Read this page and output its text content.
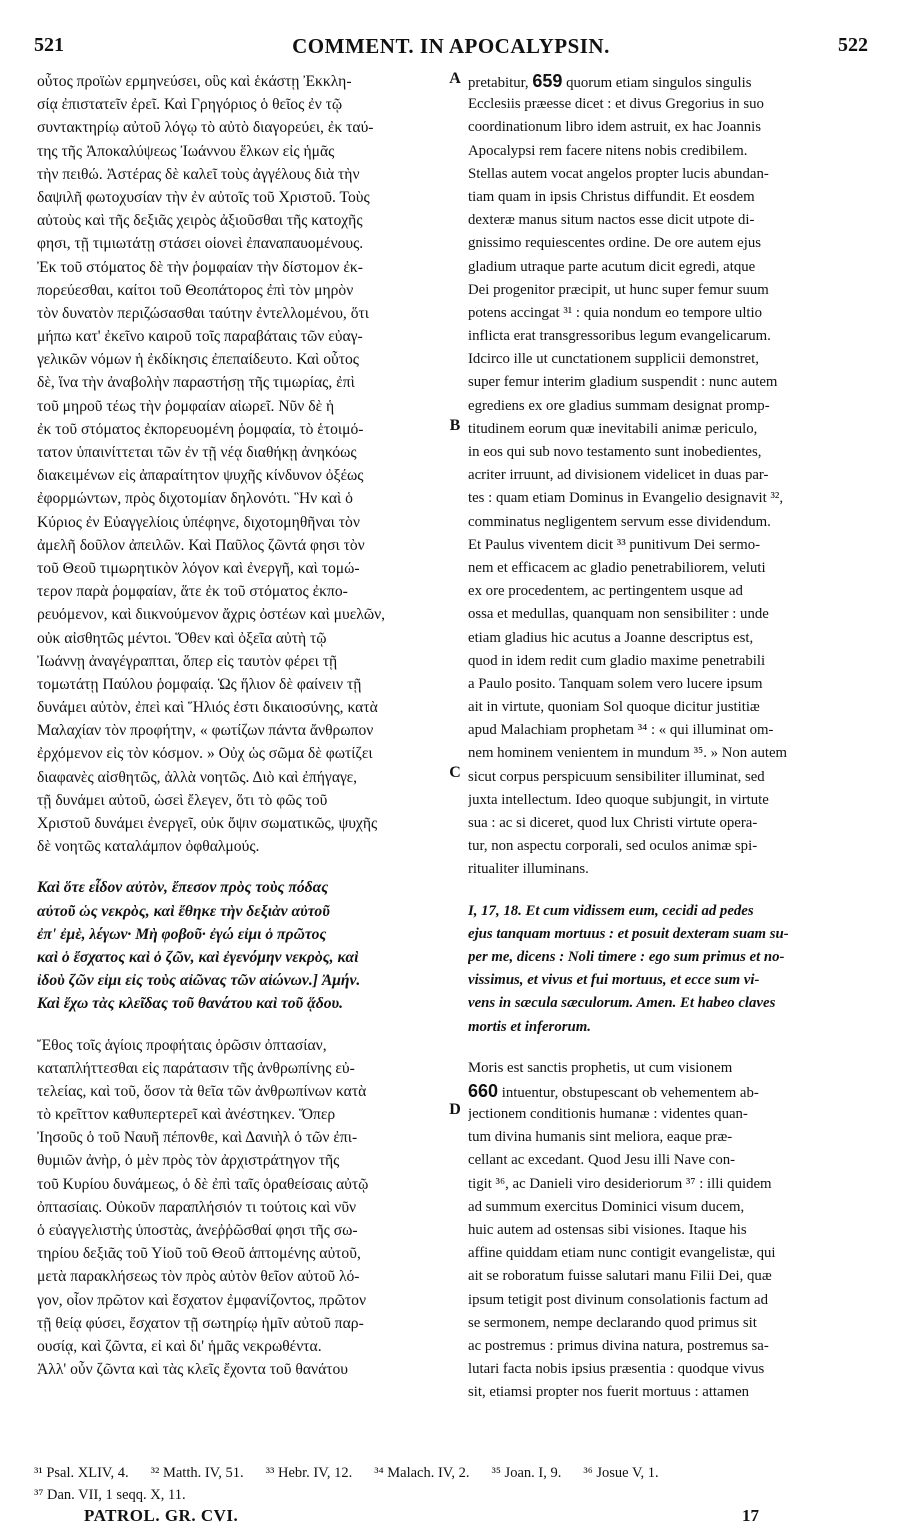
521	COMMENT. IN APOCALYPSIN.	522
οὗτος προϊὼν ερμηνεύσει, οὓς καὶ ἑκάστῃ Ἐκκλη-
σίᾳ ἐπιστατεῖν ἐρεῖ. Καὶ Γρηγόριος ὁ θεῖος ἐν τῷ
συντακτηρίῳ αὐτοῦ λόγῳ τὸ αὐτὸ διαγορεύει, ἐκ ταύ-
της τῆς Ἀποκαλύψεως Ἰωάννου ἕλκων εἰς ἡμᾶς
τὴν πειθώ. Ἀστέρας δὲ καλεῖ τοὺς ἀγγέλους διὰ τὴν
δαψιλῆ φωτοχυσίαν τὴν ἐν αὐτοῖς τοῦ Χριστοῦ. Τοὺς
αὐτοὺς καὶ τῆς δεξιᾶς χειρὸς ἀξιοῦσθαι τῆς κατοχῆς
φησι, τῇ τιμιωτάτῃ στάσει οἱονεὶ ἐπαναπαυομένους.
Ἐκ τοῦ στόματος δὲ τὴν ῥομφαίαν τὴν δίστομον ἐκ-
πορεύεσθαι, καίτοι τοῦ Θεοπάτορος ἐπὶ τὸν μηρὸν
τὸν δυνατὸν περιζώσασθαι ταύτην ἐντελλομένου, ὅτι
μήπω κατ' ἐκεῖνο καιροῦ τοῖς παραβάταις τῶν εὐαγ-
γελικῶν νόμων ἡ ἐκδίκησις ἐπεπαίδευτο. Καὶ οὗτος
δὲ, ἵνα τὴν ἀναβολὴν παραστήσῃ τῆς τιμωρίας, ἐπὶ
τοῦ μηροῦ τέως τὴν ῥομφαίαν αἰωρεῖ. Νῦν δὲ ἡ
ἐκ τοῦ στόματος ἐκπορευομένη ῥομφαία, τὸ ἑτοιμό-
τατον ὑπαινίττεται τῶν ἐν τῇ νέᾳ διαθήκῃ ἀνηκόως
διακειμένων εἰς ἀπαραίτητον ψυχῆς κίνδυνον ὀξέως
ἐφορμώντων, πρὸς διχοτομίαν δηλονότι. Ἣν καὶ ὁ
Κύριος ἐν Εὐαγγελίοις ὑπέφηνε, διχοτομηθῆναι τὸν
ἀμελῆ δοῦλον ἀπειλῶν. Καὶ Παῦλος ζῶντά φησι τὸν
τοῦ Θεοῦ τιμωρητικὸν λόγον καὶ ἐνεργῆ, καὶ τομώ-
τερον παρὰ ῥομφαίαν, ἅτε ἐκ τοῦ στόματος ἐκπο-
ρευόμενον, καὶ διικνούμενον ἄχρις ὀστέων καὶ μυελῶν,
οὐκ αἰσθητῶς μέντοι. Ὅθεν καὶ ὀξεῖα αὐτὴ τῷ
Ἰωάννῃ ἀναγέγραπται, ὅπερ εἰς ταυτὸν φέρει τῇ
τομωτάτῃ Παύλου ῥομφαίᾳ. Ὡς ἥλιον δὲ φαίνειν τῇ
δυνάμει αὐτὸν, ἐπεὶ καὶ Ἥλιός ἐστι δικαιοσύνης, κατὰ
Μαλαχίαν τὸν προφήτην, « φωτίζων πάντα ἄνθρωπον
ἐρχόμενον εἰς τὸν κόσμον. » Οὐχ ὡς σῶμα δὲ φωτίζει
διαφανὲς αἰσθητῶς, ἀλλὰ νοητῶς. Διὸ καὶ ἐπήγαγε,
τῇ δυνάμει αὐτοῦ, ὡσεὶ ἔλεγεν, ὅτι τὸ φῶς τοῦ
Χριστοῦ δυνάμει ἐνεργεῖ, οὐκ ὄψιν σωματικῶς, ψυχῆς
δὲ νοητῶς καταλάμπον ὀφθαλμούς.
Καὶ ὅτε εἶδον αὐτὸν, ἔπεσον πρὸς τοὺς πόδας
αὐτοῦ ὡς νεκρὸς, καὶ ἔθηκε τὴν δεξιὰν αὐτοῦ
ἐπ' ἐμὲ, λέγων· Μὴ φοβοῦ· ἐγώ εἰμι ὁ πρῶτος
καὶ ὁ ἔσχατος καὶ ὁ ζῶν, καὶ ἐγενόμην νεκρὸς, καὶ
ἰδοὺ ζῶν εἰμι εἰς τοὺς αἰῶνας τῶν αἰώνων.] Ἀμήν.
Καὶ ἔχω τὰς κλεῖδας τοῦ θανάτου καὶ τοῦ ᾅδου.
Ἔθος τοῖς ἁγίοις προφήταις ὁρῶσιν ὀπτασίαν,
καταπλήττεσθαι εἰς παράτασιν τῆς ἀνθρωπίνης εὐ-
τελείας, καὶ τοῦ, ὅσον τὰ θεῖα τῶν ἀνθρωπίνων κατὰ
τὸ κρεῖττον καθυπερτερεῖ καὶ ἀνέστηκεν. Ὅπερ
Ἰησοῦς ὁ τοῦ Ναυῆ πέπονθε, καὶ Δανιὴλ ὁ τῶν ἐπι-
θυμιῶν ἀνὴρ, ὁ μὲν πρὸς τὸν ἀρχιστράτηγον τῆς
τοῦ Κυρίου δυνάμεως, ὁ δὲ ἐπὶ ταῖς ὁραθείσαις αὐτῷ
ὀπτασίαις. Οὐκοῦν παραπλήσιόν τι τούτοις καὶ νῦν
ὁ εὐαγγελιστὴς ὑποστὰς, ἀνεῤῥῶσθαί φησι τῆς σω-
τηρίου δεξιᾶς τοῦ Υἱοῦ τοῦ Θεοῦ ἁπτομένης αὐτοῦ,
μετὰ παρακλήσεως τὸν πρὸς αὐτὸν θεῖον αὐτοῦ λό-
γον, οἷον πρῶτον καὶ ἔσχατον ἐμφανίζοντος, πρῶτον
τῇ θείᾳ φύσει, ἔσχατον τῇ σωτηρίῳ ἡμῖν αὐτοῦ παρ-
ουσίᾳ, καὶ ζῶντα, εἰ καὶ δι' ἡμᾶς νεκρωθέντα.
Ἀλλ' οὖν ζῶντα καὶ τὰς κλεῖς ἔχοντα τοῦ θανάτου
pretabitur, 659 quorum etiam singulos singulis
Ecclesiis præesse dicet : et divus Gregorius in suo
coordinationum libro idem astruit, ex hac Joannis
Apocalypsi rem facere nitens nobis credibilem.
Stellas autem vocat angelos propter lucis abundan-
tiam quam in ipsis Christus diffundit. Et eosdem
dexteræ manus situm nactos esse dicit utpote di-
gnissimo requiescentes ordine. De ore autem ejus
gladium utraque parte acutum dicit egredi, atque
Dei progenitor præcipit, ut hunc super femur suum
potens accingat ³¹ : quia nondum eo tempore ultio
inflicta erat transgressoribus legum evangelicarum.
Idcirco ille ut cunctationem supplicii demonstret,
super femur interim gladium suspendit : nunc autem
egrediens ex ore gladius summam designat promp-
titudinem eorum quæ inevitabili animæ periculo,
in eos qui sub novo testamento sunt inobedientes,
acriter irruunt, ad divisionem videlicet in duas par-
tes : quam etiam Dominus in Evangelio designavit ³²,
comminatus negligentem servum esse dividendum.
Et Paulus viventem dicit ³³ punitivum Dei sermo-
nem et efficacem ac gladio penetrabiliorem, veluti
ex ore procedentem, ac pertingentem usque ad
ossa et medullas, quanquam non sensibiliter : unde
etiam gladius hic acutus a Joanne descriptus est,
quod in idem redit cum gladio maxime penetrabili
a Paulo posito. Tanquam solem vero lucere ipsum
ait in virtute, quoniam Sol quoque dicitur justitiæ
apud Malachiam prophetam ³⁴ : « qui illuminat om-
nem hominem venientem in mundum ³⁵. » Non autem
sicut corpus perspicuum sensibiliter illuminat, sed
juxta intellectum. Ideo quoque subjungit, in virtute
sua : ac si diceret, quod lux Christi virtute opera-
tur, non aspectu corporali, sed oculos animæ spi-
ritualiter illuminans.
I, 17, 18. Et cum vidissem eum, cecidi ad pedes
ejus tanquam mortuus : et posuit dexteram suam su-
per me, dicens : Noli timere : ego sum primus et no-
vissimus, et vivus et fui mortuus, et ecce sum vi-
vens in sæcula sæculorum. Amen. Et habeo claves
mortis et inferorum.
Moris est sanctis prophetis, ut cum visionem
660 intuentur, obstupescant ob vehementem ab-
jectionem conditionis humanæ : videntes quan-
tum divina humanis sint meliora, eaque præ-
cellant ac excedant. Quod Jesu illi Nave con-
tigit ³⁶, ac Danieli viro desideriorum ³⁷ : illi quidem
ad summum exercitus Dominici visum ducem,
huic autem ad ostensas sibi visiones. Itaque his
affine quiddam etiam nunc contigit evangelistæ, qui
ait se roboratum fuisse salutari manu Filii Dei, quæ
ipsum tetigit post divinum consolationis factum ad
se sermonem, nempe declarando quod primus sit
ac postremus : primus divina natura, postremus sa-
lutari facta nobis ipsius præsentia : quodque vivus
sit, etiamsi propter nos fuerit mortuus : attamen
A
B
C
D
³¹ Psal. XLIV, 4. ³² Matth. IV, 51. ³³ Hebr. IV, 12. ³⁴ Malach. IV, 2. ³⁵ Joan. I, 9. ³⁶ Josue V, 1.
³⁷ Dan. VII, 1 seqq. X, 11.
PATROL. GR. CVI.	17
